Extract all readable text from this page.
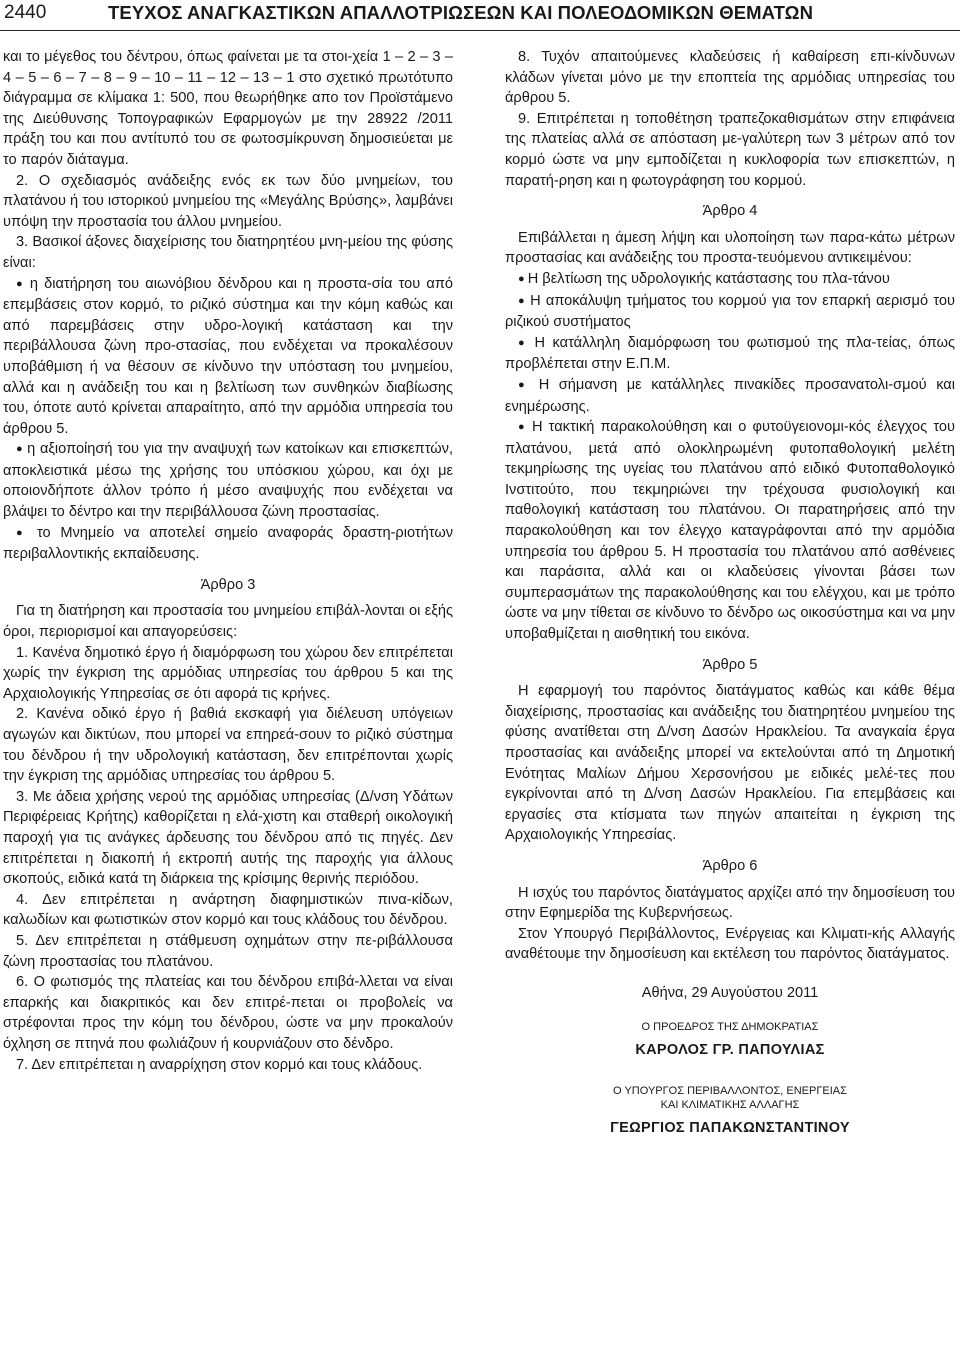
2440	ΤΕΥΧΟΣ ΑΝΑΓΚΑΣΤΙΚΩΝ ΑΠΑΛΛΟΤΡΙΩΣΕΩΝ ΚΑΙ ΠΟΛΕΟΔΟΜΙΚΩΝ ΘΕΜΑΤΩΝ

και το μέγεθος του δέντρου, όπως φαίνεται με τα στοι-χεία 1 – 2 – 3 – 4 – 5 – 6 – 7 – 8 – 9 – 10 – 11 – 12 – 13 – 1 στο σχετικό πρωτότυπο διάγραμμα σε κλίμακα 1: 500, που θεωρήθηκε απο τον Προϊστάμενο της Διεύθυνσης Τοπογραφικών Εφαρμογών με την 28922 /2011 πράξη του και που αντίτυπό του σε φωτοσμίκρυνση δημοσιεύεται με το παρόν διάταγμα.

2. Ο σχεδιασμός ανάδειξης ενός εκ των δύο μνημείων, του πλατάνου ή του ιστορικού μνημείου της «Μεγάλης Βρύσης», λαμβάνει υπόψη την προστασία του άλλου μνημείου.

3. Βασικοί άξονες διαχείρισης του διατηρητέου μνη-μείου της φύσης είναι:

● η διατήρηση του αιωνόβιου δένδρου και η προστα-σία του από επεμβάσεις στον κορμό, το ριζικό σύστημα και την κόμη καθώς και από παρεμβάσεις στην υδρο-λογική κατάσταση και την περιβάλλουσα ζώνη προ-στασίας, που ενδέχεται να προκαλέσουν υποβάθμιση ή να θέσουν σε κίνδυνο την υπόσταση του μνημείου, αλλά και η ανάδειξη του και η βελτίωση των συνθηκών διαβίωσης του, όποτε αυτό κρίνεται απαραίτητο, από την αρμόδια υπηρεσία του άρθρου 5.

● η αξιοποίησή του για την αναψυχή των κατοίκων και επισκεπτών, αποκλειστικά μέσω της χρήσης του υπόσκιου χώρου, και όχι με οποιονδήποτε άλλον τρόπο ή μέσο αναψυχής που ενδέχεται να βλάψει το δέντρο και την περιβάλλουσα ζώνη προστασίας.

● το Μνημείο να αποτελεί σημείο αναφοράς δραστη-ριοτήτων περιβαλλοντικής εκπαίδευσης.

Άρθρο 3

Για τη διατήρηση και προστασία του μνημείου επιβάλ-λονται οι εξής όροι, περιορισμοί και απαγορεύσεις:

1. Κανένα δημοτικό έργο ή διαμόρφωση του χώρου δεν επιτρέπεται χωρίς την έγκριση της αρμόδιας υπηρεσίας του άρθρου 5 και της Αρχαιολογικής Υπηρεσίας σε ότι αφορά τις κρήνες.

2. Κανένα οδικό έργο ή βαθιά εκσκαφή για διέλευση υπόγειων αγωγών και δικτύων, που μπορεί να επηρεά-σουν το ριζικό σύστημα του δένδρου ή την υδρολογική κατάσταση, δεν επιτρέπονται χωρίς την έγκριση της αρμόδιας υπηρεσίας του άρθρου 5.

3. Με άδεια χρήσης νερού της αρμόδιας υπηρεσίας (Δ/νση Υδάτων Περιφέρειας Κρήτης) καθορίζεται η ελά-χιστη και σταθερή οικολογική παροχή για τις ανάγκες άρδευσης του δένδρου από τις πηγές. Δεν επιτρέπεται η διακοπή ή εκτροπή αυτής της παροχής για άλλους σκοπούς, ειδικά κατά τη διάρκεια της κρίσιμης θερινής περιόδου.

4. Δεν επιτρέπεται η ανάρτηση διαφημιστικών πινα-κίδων, καλωδίων και φωτιστικών στον κορμό και τους κλάδους του δένδρου.

5. Δεν επιτρέπεται η στάθμευση οχημάτων στην πε-ριβάλλουσα ζώνη προστασίας του πλατάνου.

6. Ο φωτισμός της πλατείας και του δένδρου επιβά-λλεται να είναι επαρκής και διακριτικός και δεν επιτρέ-πεται οι προβολείς να στρέφονται προς την κόμη του δένδρου, ώστε να μην προκαλούν όχληση σε πτηνά που φωλιάζουν ή κουρνιάζουν στο δένδρο.

7. Δεν επιτρέπεται η αναρρίχηση στον κορμό και τους κλάδους.

8. Τυχόν απαιτούμενες κλαδεύσεις ή καθαίρεση επι-κίνδυνων κλάδων γίνεται μόνο με την εποπτεία της αρμόδιας υπηρεσίας του άρθρου 5.

9. Επιτρέπεται η τοποθέτηση τραπεζοκαθισμάτων στην επιφάνεια της πλατείας αλλά σε απόσταση με-γαλύτερη των 3 μέτρων από τον κορμό ώστε να μην εμποδίζεται η κυκλοφορία των επισκεπτών, η παρατή-ρηση και η φωτογράφηση του κορμού.

Άρθρο 4

Επιβάλλεται η άμεση λήψη και υλοποίηση των παρα-κάτω μέτρων προστασίας και ανάδειξης του προστα-τευόμενου αντικειμένου:

● Η βελτίωση της υδρολογικής κατάστασης του πλα-τάνου

● Η αποκάλυψη τμήματος του κορμού για τον επαρκή αερισμό του ριζικού συστήματος

● Η κατάλληλη διαμόρφωση του φωτισμού της πλα-τείας, όπως προβλέπεται στην Ε.Π.Μ.

● Η σήμανση με κατάλληλες πινακίδες προσανατολι-σμού και ενημέρωσης.

● Η τακτική παρακολούθηση και ο φυτοϋγειονομι-κός έλεγχος του πλατάνου, μετά από ολοκληρωμένη φυτοπαθολογική μελέτη τεκμηρίωσης της υγείας του πλατάνου από ειδικό Φυτοπαθολογικό Ινστιτούτο, που τεκμηριώνει την τρέχουσα φυσιολογική και παθολογική κατάσταση του πλατάνου. Οι παρατηρήσεις από την παρακολούθηση και τον έλεγχο καταγράφονται από την αρμόδια υπηρεσία του άρθρου 5. Η προστασία του πλατάνου από ασθένειες και παράσιτα, αλλά και οι κλαδεύσεις γίνονται βάσει των συμπερασμάτων της παρακολούθησης και του ελέγχου, και με τρόπο ώστε να μην τίθεται σε κίνδυνο το δένδρο ως οικοσύστημα και να μην υποβαθμίζεται η αισθητική του εικόνα.

Άρθρο 5

Η εφαρμογή του παρόντος διατάγματος καθώς και κάθε θέμα διαχείρισης, προστασίας και ανάδειξης του διατηρητέου μνημείου της φύσης ανατίθεται στη Δ/νση Δασών Ηρακλείου. Τα αναγκαία έργα προστασίας και ανάδειξης μπορεί να εκτελούνται από τη Δημοτική Ενότητας Μαλίων Δήμου Χερσονήσου με ειδικές μελέ-τες που εγκρίνονται από τη Δ/νση Δασών Ηρακλείου. Για επεμβάσεις και εργασίες στα κτίσματα των πηγών απαιτείται η έγκριση της Αρχαιολογικής Υπηρεσίας.

Άρθρο 6

Η ισχύς του παρόντος διατάγματος αρχίζει από την δημοσίευση του στην Εφημερίδα της Κυβερνήσεως.

Στον Υπουργό Περιβάλλοντος, Ενέργειας και Κλιματι-κής Αλλαγής αναθέτουμε την δημοσίευση και εκτέλεση του παρόντος διατάγματος.

Αθήνα, 29 Αυγούστου 2011

Ο ΠΡΟΕΔΡΟΣ ΤΗΣ ΔΗΜΟΚΡΑΤΙΑΣ

ΚΑΡΟΛΟΣ ΓΡ. ΠΑΠΟΥΛΙΑΣ

Ο ΥΠΟΥΡΓΟΣ ΠΕΡΙΒΑΛΛΟΝΤΟΣ, ΕΝΕΡΓΕΙΑΣ

ΚΑΙ ΚΛΙΜΑΤΙΚΗΣ ΑΛΛΑΓΗΣ

ΓΕΩΡΓΙΟΣ ΠΑΠΑΚΩΝΣΤΑΝΤΙΝΟΥ
